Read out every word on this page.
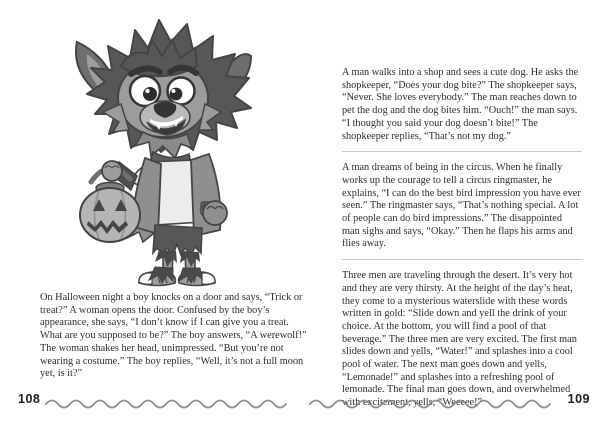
On Halloween night a boy knocks on a door and says, “Trick or treat?” A woman opens the door. Confused by the boy’s appearance, she says, “I don’t know if I can give you a treat. What are you supposed to be?” The boy answers, “A werewolf!” The woman shakes her head, unimpressed. “But you’re not wearing a costume.” The boy replies, “Well, it’s not a full moon yet, is it?”

A man walks into a shop and sees a cute dog. He asks the shopkeeper, “Does your dog bite?” The shopkeeper says, “Never. She loves everybody.” The man reaches down to pet the dog and the dog bites him. “Ouch!” the man says. “I thought you said your dog doesn’t bite!” The shopkeeper replies, “That’s not my dog.”

A man dreams of being in the circus. When he finally works up the courage to tell a circus ringmaster, he explains, “I can do the best bird impression you have ever seen.” The ringmaster says, “That’s nothing special. A lot of people can do bird impressions.” The disappointed man sighs and says, “Okay.” Then he flaps his arms and flies away.

Three men are traveling through the desert. It’s very hot and they are very thirsty. At the height of the day’s heat, they come to a mysterious waterslide with these words written in gold: “Slide down and yell the drink of your choice. At the bottom, you will find a pool of that beverage.” The three men are very excited. The first man slides down and yells, “Water!” and splashes into a cool pool of water. The next man goes down and yells, “Lemonade!” and splashes into a refreshing pool of lemonade. The final man goes down, and overwhelmed with excitement, yells, “Weeeee!”

108	109
